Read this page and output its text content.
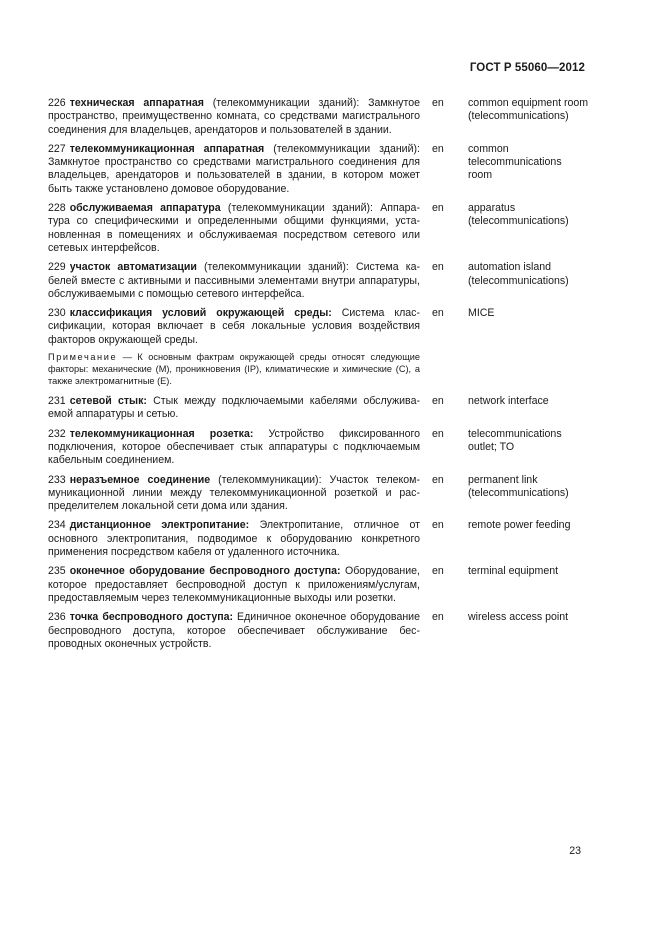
ГОСТ Р 55060—2012
226 техническая аппаратная (телекоммуникации зданий): Замкнутое пространство, преимущественно комната, со средствами магистрального соединения для владельцев, арендаторов и пользователей в здании.
en	common equipment room (telecommunications)
227 телекоммуникационная аппаратная (телекоммуникации зданий): Замкнутое пространство со средствами магистрального соединения для владельцев, арендаторов и пользователей в здании, в котором может быть также установлено домовое оборудование.
en	common telecommunications room
228 обслуживаемая аппаратура (телекоммуникации зданий): Аппаратура со специфическими и определенными общими функциями, установленная в помещениях и обслуживаемая посредством сетевого или сетевых интерфейсов.
en	apparatus (telecommunications)
229 участок автоматизации (телекоммуникации зданий): Система кабелей вместе с активными и пассивными элементами внутри аппаратуры, обслуживаемыми с помощью сетевого интерфейса.
en	automation island (telecommunications)
230 классификация условий окружающей среды: Система классификации, которая включает в себя локальные условия воздействия факторов окружающей среды.
en	MICE
Примечание — К основным фактрам окружающей среды относят следующие факторы: механические (M), проникновения (IP), климатические и химические (C), а также электромагнитные (E).
231 сетевой стык: Стык между подключаемыми кабелями обслуживаемой аппаратуры и сетью.
en	network interface
232 телекоммуникационная розетка: Устройство фиксированного подключения, которое обеспечивает стык аппаратуры с подключаемым кабельным соединением.
en	telecommunications outlet; TO
233 неразъемное соединение (телекоммуникации): Участок телекоммуникационной линии между телекоммуникационной розеткой и распределителем локальной сети дома или здания.
en	permanent link (telecommunications)
234 дистанционное электропитание: Электропитание, отличное от основного электропитания, подводимое к оборудованию конкретного применения посредством кабеля от удаленного источника.
en	remote power feeding
235 оконечное оборудование беспроводного доступа: Оборудование, которое предоставляет беспроводной доступ к приложениям/услугам, предоставляемым через телекоммуникационные выходы или розетки.
en	terminal equipment
236 точка беспроводного доступа: Единичное оконечное оборудование беспроводного доступа, которое обеспечивает обслуживание беспроводных оконечных устройств.
en	wireless access point
23
